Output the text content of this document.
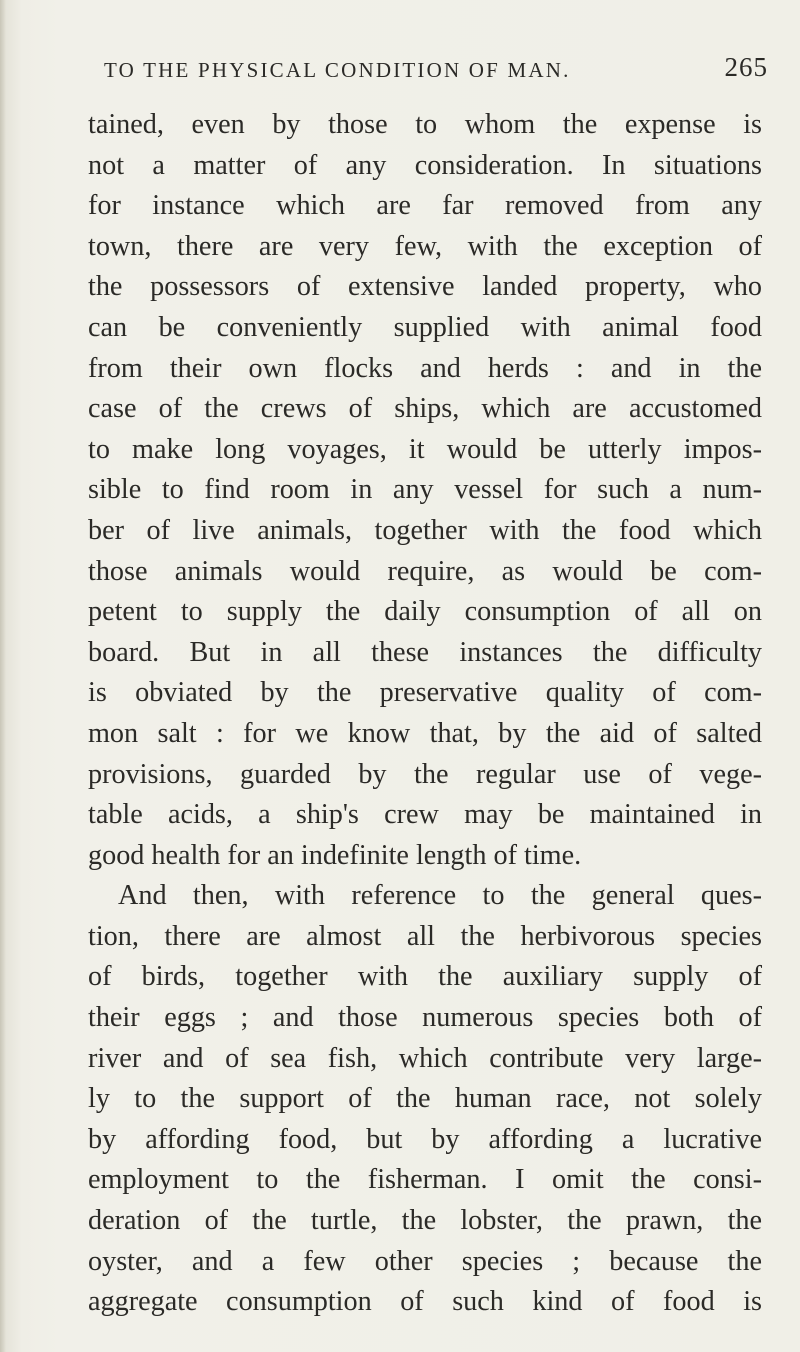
TO THE PHYSICAL CONDITION OF MAN.	265
tained, even by those to whom the expense is
not a matter of any consideration. In situations
for instance which are far removed from any
town, there are very few, with the exception of
the possessors of extensive landed property, who
can be conveniently supplied with animal food
from their own flocks and herds : and in the
case of the crews of ships, which are accustomed
to make long voyages, it would be utterly impos-
sible to find room in any vessel for such a num-
ber of live animals, together with the food which
those animals would require, as would be com-
petent to supply the daily consumption of all on
board. But in all these instances the difficulty
is obviated by the preservative quality of com-
mon salt : for we know that, by the aid of salted
provisions, guarded by the regular use of vege-
table acids, a ship's crew may be maintained in
good health for an indefinite length of time.
And then, with reference to the general ques-
tion, there are almost all the herbivorous species
of birds, together with the auxiliary supply of
their eggs ; and those numerous species both of
river and of sea fish, which contribute very large-
ly to the support of the human race, not solely
by affording food, but by affording a lucrative
employment to the fisherman. I omit the consi-
deration of the turtle, the lobster, the prawn, the
oyster, and a few other species ; because the
aggregate consumption of such kind of food is
